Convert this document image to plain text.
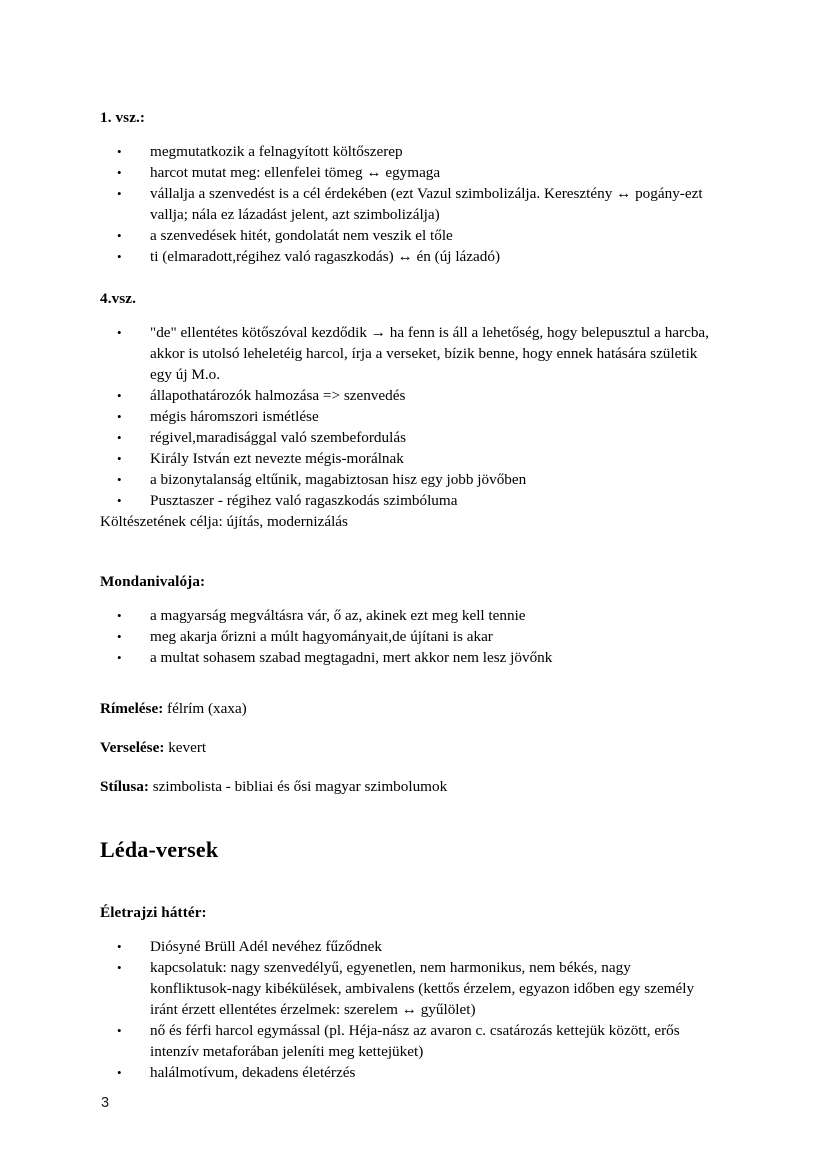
1. vsz.:

• megmutatkozik a felnagyított költőszerep
• harcot mutat meg: ellenfelei tömeg ↔ egymaga
• vállalja a szenvedést is a cél érdekében (ezt Vazul szimbolizálja. Keresztény ↔ pogány-ezt vallja; nála ez lázadást jelent, azt szimbolizálja)
• a szenvedések hitét, gondolatát nem veszik el tőle
• ti (elmaradott,régihez való ragaszkodás) ↔ én (új lázadó)

4.vsz.

• "de" ellentétes kötőszóval kezdődik → ha fenn is áll a lehetőség, hogy belepusztul a harcba, akkor is utolsó leheletéig harcol, írja a verseket, bízik benne, hogy ennek hatására születik egy új M.o.
• állapothatározók halmozása => szenvedés
• mégis háromszori ismétlése
• régivel,maradisággal való szembefordulás
• Király István ezt nevezte mégis-morálnak
• a bizonytalanság eltűnik, magabiztosan hisz egy jobb jövőben
• Pusztaszer - régihez való ragaszkodás szimbóluma

Költészetének célja: újítás, modernizálás

Mondanivalója:

• a magyarság megváltásra vár, ő az, akinek ezt meg kell tennie
• meg akarja őrizni a múlt hagyományait,de újítani is akar
• a multat sohasem szabad megtagadni, mert akkor nem lesz jövőnk

Rímelése: félrím (xaxa)

Verselése: kevert

Stílusa: szimbolista - bibliai és ősi magyar szimbolumok

Léda-versek

Életrajzi háttér:

• Diósyné Brüll Adél nevéhez fűződnek
• kapcsolatuk: nagy szenvedélyű, egyenetlen, nem harmonikus, nem békés, nagy konfliktusok-nagy kibékülések, ambivalens (kettős érzelem, egyazon időben egy személy iránt érzett ellentétes érzelmek: szerelem ↔ gyűlölet)
• nő és férfi harcol egymással (pl. Héja-nász az avaron c. csatározás kettejük között, erős intenzív metaforában jeleníti meg kettejüket)
• halálmotívum, dekadens életérzés
3
